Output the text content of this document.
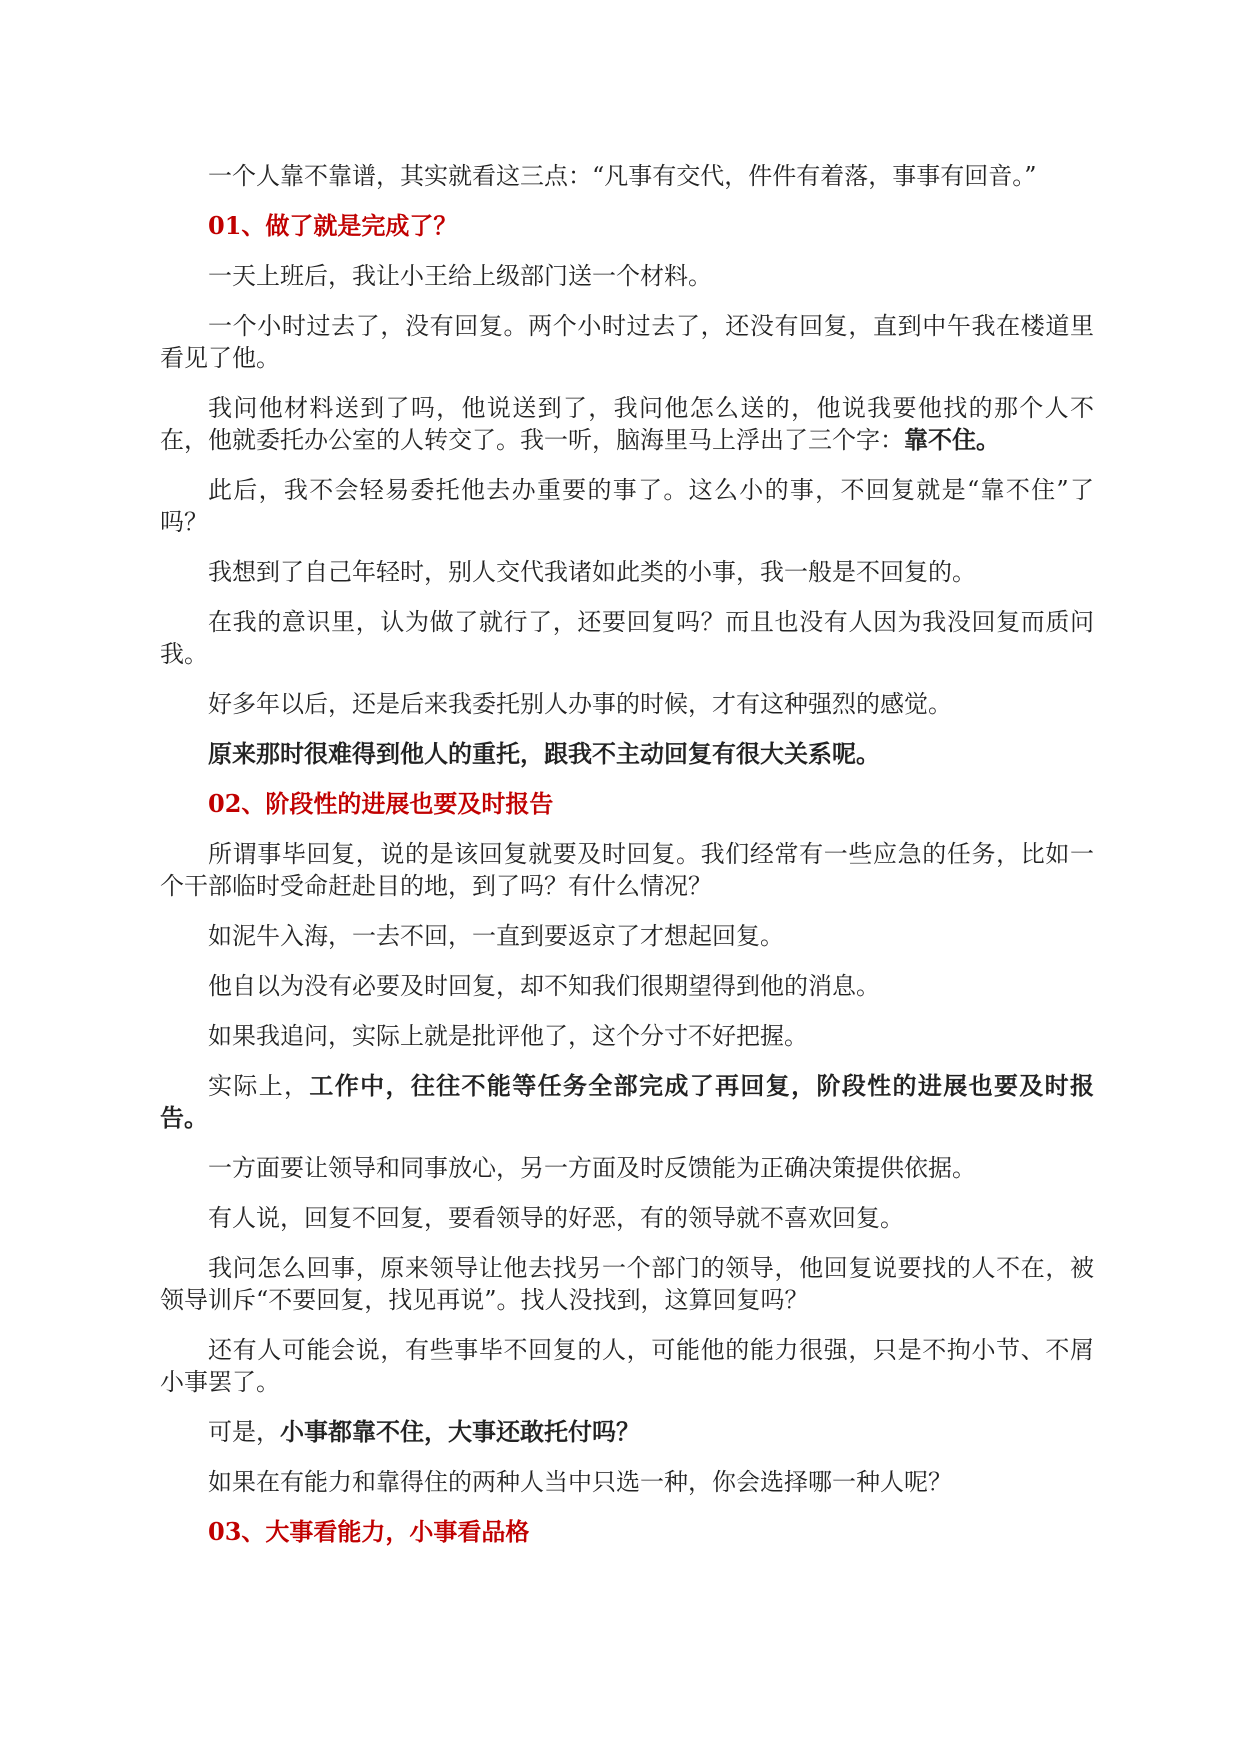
一个人靠不靠谱，其实就看这三点：“凡事有交代，件件有着落，事事有回音。”

01、做了就是完成了？

一天上班后，我让小王给上级部门送一个材料。

一个小时过去了，没有回复。两个小时过去了，还没有回复，直到中午我在楼道里看见了他。

我问他材料送到了吗，他说送到了，我问他怎么送的，他说我要他找的那个人不在，他就委托办公室的人转交了。我一听，脑海里马上浮出了三个字：靠不住。

此后，我不会轻易委托他去办重要的事了。这么小的事，不回复就是“靠不住”了吗？

我想到了自己年轻时，别人交代我诸如此类的小事，我一般是不回复的。

在我的意识里，认为做了就行了，还要回复吗？而且也没有人因为我没回复而质问我。

好多年以后，还是后来我委托别人办事的时候，才有这种强烈的感觉。

原来那时很难得到他人的重托，跟我不主动回复有很大关系呢。

02、阶段性的进展也要及时报告

所谓事毕回复，说的是该回复就要及时回复。我们经常有一些应急的任务，比如一个干部临时受命赶赴目的地，到了吗？有什么情况？

如泥牛入海，一去不回，一直到要返京了才想起回复。

他自以为没有必要及时回复，却不知我们很期望得到他的消息。

如果我追问，实际上就是批评他了，这个分寸不好把握。

实际上，工作中，往往不能等任务全部完成了再回复，阶段性的进展也要及时报告。

一方面要让领导和同事放心，另一方面及时反馈能为正确决策提供依据。

有人说，回复不回复，要看领导的好恶，有的领导就不喜欢回复。

我问怎么回事，原来领导让他去找另一个部门的领导，他回复说要找的人不在，被领导训斥“不要回复，找见再说”。找人没找到，这算回复吗？

还有人可能会说，有些事毕不回复的人，可能他的能力很强，只是不拘小节、不屑小事罢了。

可是，小事都靠不住，大事还敢托付吗？

如果在有能力和靠得住的两种人当中只选一种，你会选择哪一种人呢？

03、大事看能力，小事看品格
